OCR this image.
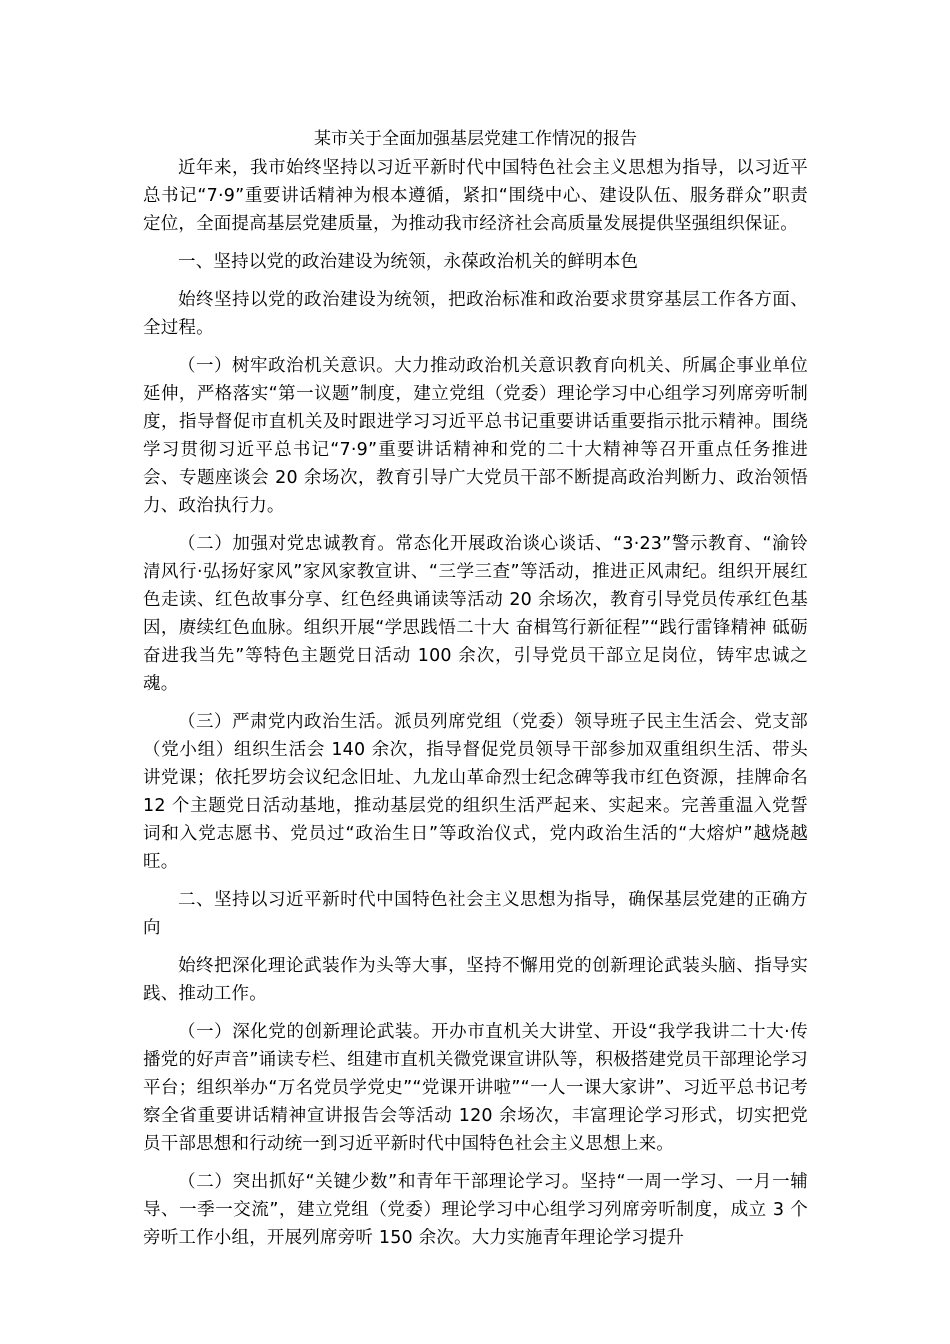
某市关于全面加强基层党建工作情况的报告

近年来，我市始终坚持以习近平新时代中国特色社会主义思想为指导，以习近平总书记“7·9”重要讲话精神为根本遵循，紧扣“围绕中心、建设队伍、服务群众”职责定位，全面提高基层党建质量，为推动我市经济社会高质量发展提供坚强组织保证。

一、坚持以党的政治建设为统领，永葆政治机关的鲜明本色

始终坚持以党的政治建设为统领，把政治标准和政治要求贯穿基层工作各方面、全过程。

（一）树牢政治机关意识。大力推动政治机关意识教育向机关、所属企事业单位延伸，严格落实“第一议题”制度，建立党组（党委）理论学习中心组学习列席旁听制度，指导督促市直机关及时跟进学习习近平总书记重要讲话重要指示批示精神。围绕学习贯彻习近平总书记“7·9”重要讲话精神和党的二十大精神等召开重点任务推进会、专题座谈会 20 余场次，教育引导广大党员干部不断提高政治判断力、政治领悟力、政治执行力。

（二）加强对党忠诚教育。常态化开展政治谈心谈话、“3·23”警示教育、“渝铃清风行·弘扬好家风”家风家教宣讲、“三学三查”等活动，推进正风肃纪。组织开展红色走读、红色故事分享、红色经典诵读等活动 20 余场次，教育引导党员传承红色基因，赓续红色血脉。组织开展“学思践悟二十大 奋楫笃行新征程”“践行雷锋精神 砥砺奋进我当先”等特色主题党日活动 100 余次，引导党员干部立足岗位，铸牢忠诚之魂。

（三）严肃党内政治生活。派员列席党组（党委）领导班子民主生活会、党支部（党小组）组织生活会 140 余次，指导督促党员领导干部参加双重组织生活、带头讲党课；依托罗坊会议纪念旧址、九龙山革命烈士纪念碑等我市红色资源，挂牌命名 12 个主题党日活动基地，推动基层党的组织生活严起来、实起来。完善重温入党誓词和入党志愿书、党员过“政治生日”等政治仪式，党内政治生活的“大熔炉”越烧越旺。

二、坚持以习近平新时代中国特色社会主义思想为指导，确保基层党建的正确方向

始终把深化理论武装作为头等大事，坚持不懈用党的创新理论武装头脑、指导实践、推动工作。

（一）深化党的创新理论武装。开办市直机关大讲堂、开设“我学我讲二十大·传播党的好声音”诵读专栏、组建市直机关微党课宣讲队等，积极搭建党员干部理论学习平台；组织举办“万名党员学党史”“党课开讲啦”“一人一课大家讲”、习近平总书记考察全省重要讲话精神宣讲报告会等活动 120 余场次，丰富理论学习形式，切实把党员干部思想和行动统一到习近平新时代中国特色社会主义思想上来。

（二）突出抓好“关键少数”和青年干部理论学习。坚持“一周一学习、一月一辅导、一季一交流”，建立党组（党委）理论学习中心组学习列席旁听制度，成立 3 个旁听工作小组，开展列席旁听 150 余次。大力实施青年理论学习提升
